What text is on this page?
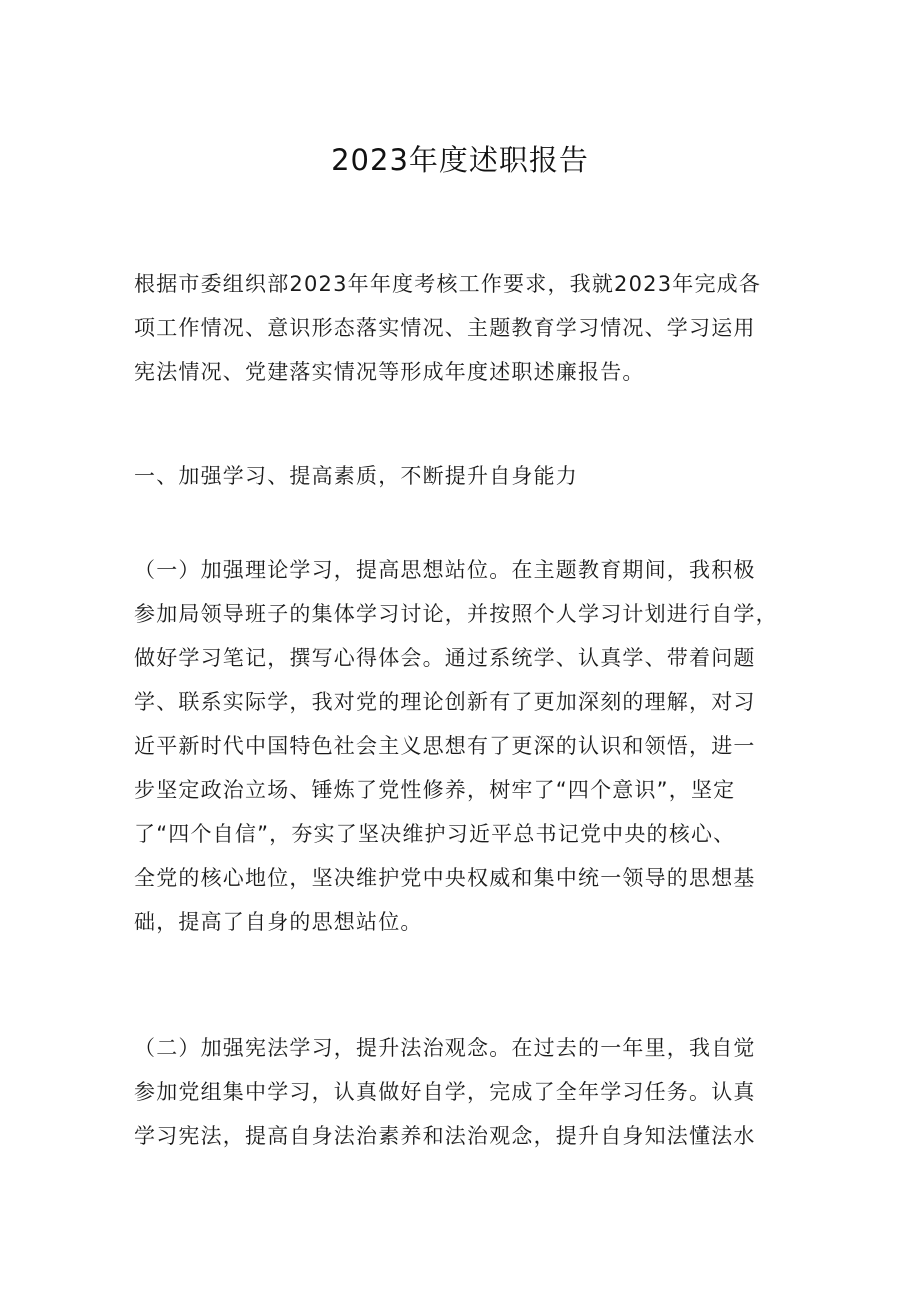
2023年度述职报告
根据市委组织部2023年年度考核工作要求，我就2023年完成各
项工作情况、意识形态落实情况、主题教育学习情况、学习运用
宪法情况、党建落实情况等形成年度述职述廉报告。
一、加强学习、提高素质，不断提升自身能力
（一）加强理论学习，提高思想站位。在主题教育期间，我积极
参加局领导班子的集体学习讨论，并按照个人学习计划进行自学，
做好学习笔记，撰写心得体会。通过系统学、认真学、带着问题
学、联系实际学，我对党的理论创新有了更加深刻的理解，对习
近平新时代中国特色社会主义思想有了更深的认识和领悟，进一
步坚定政治立场、锤炼了党性修养，树牢了“四个意识”，坚定
了“四个自信”，夯实了坚决维护习近平总书记党中央的核心、
全党的核心地位，坚决维护党中央权威和集中统一领导的思想基
础，提高了自身的思想站位。
（二）加强宪法学习，提升法治观念。在过去的一年里，我自觉
参加党组集中学习，认真做好自学，完成了全年学习任务。认真
学习宪法，提高自身法治素养和法治观念，提升自身知法懂法水
